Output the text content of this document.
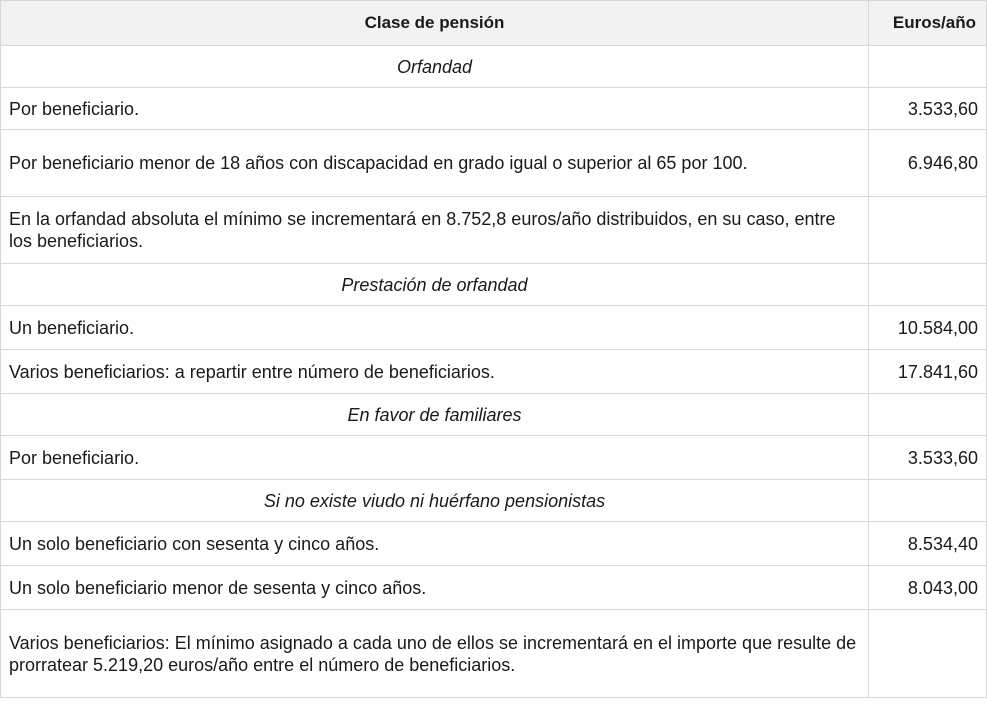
Clase de pensión	Euros/año
Orfandad	
Por beneficiario.	3.533,60
Por beneficiario menor de 18 años con discapacidad en grado igual o superior al 65 por 100.	6.946,80
En la orfandad absoluta el mínimo se incrementará en 8.752,8 euros/año distribuidos, en su caso, entre los beneficiarios.	
Prestación de orfandad	
Un beneficiario.	10.584,00
Varios beneficiarios: a repartir entre número de beneficiarios.	17.841,60
En favor de familiares	
Por beneficiario.	3.533,60
Si no existe viudo ni huérfano pensionistas	
Un solo beneficiario con sesenta y cinco años.	8.534,40
Un solo beneficiario menor de sesenta y cinco años.	8.043,00
Varios beneficiarios: El mínimo asignado a cada uno de ellos se incrementará en el importe que resulte de prorratear 5.219,20 euros/año entre el número de beneficiarios.	
